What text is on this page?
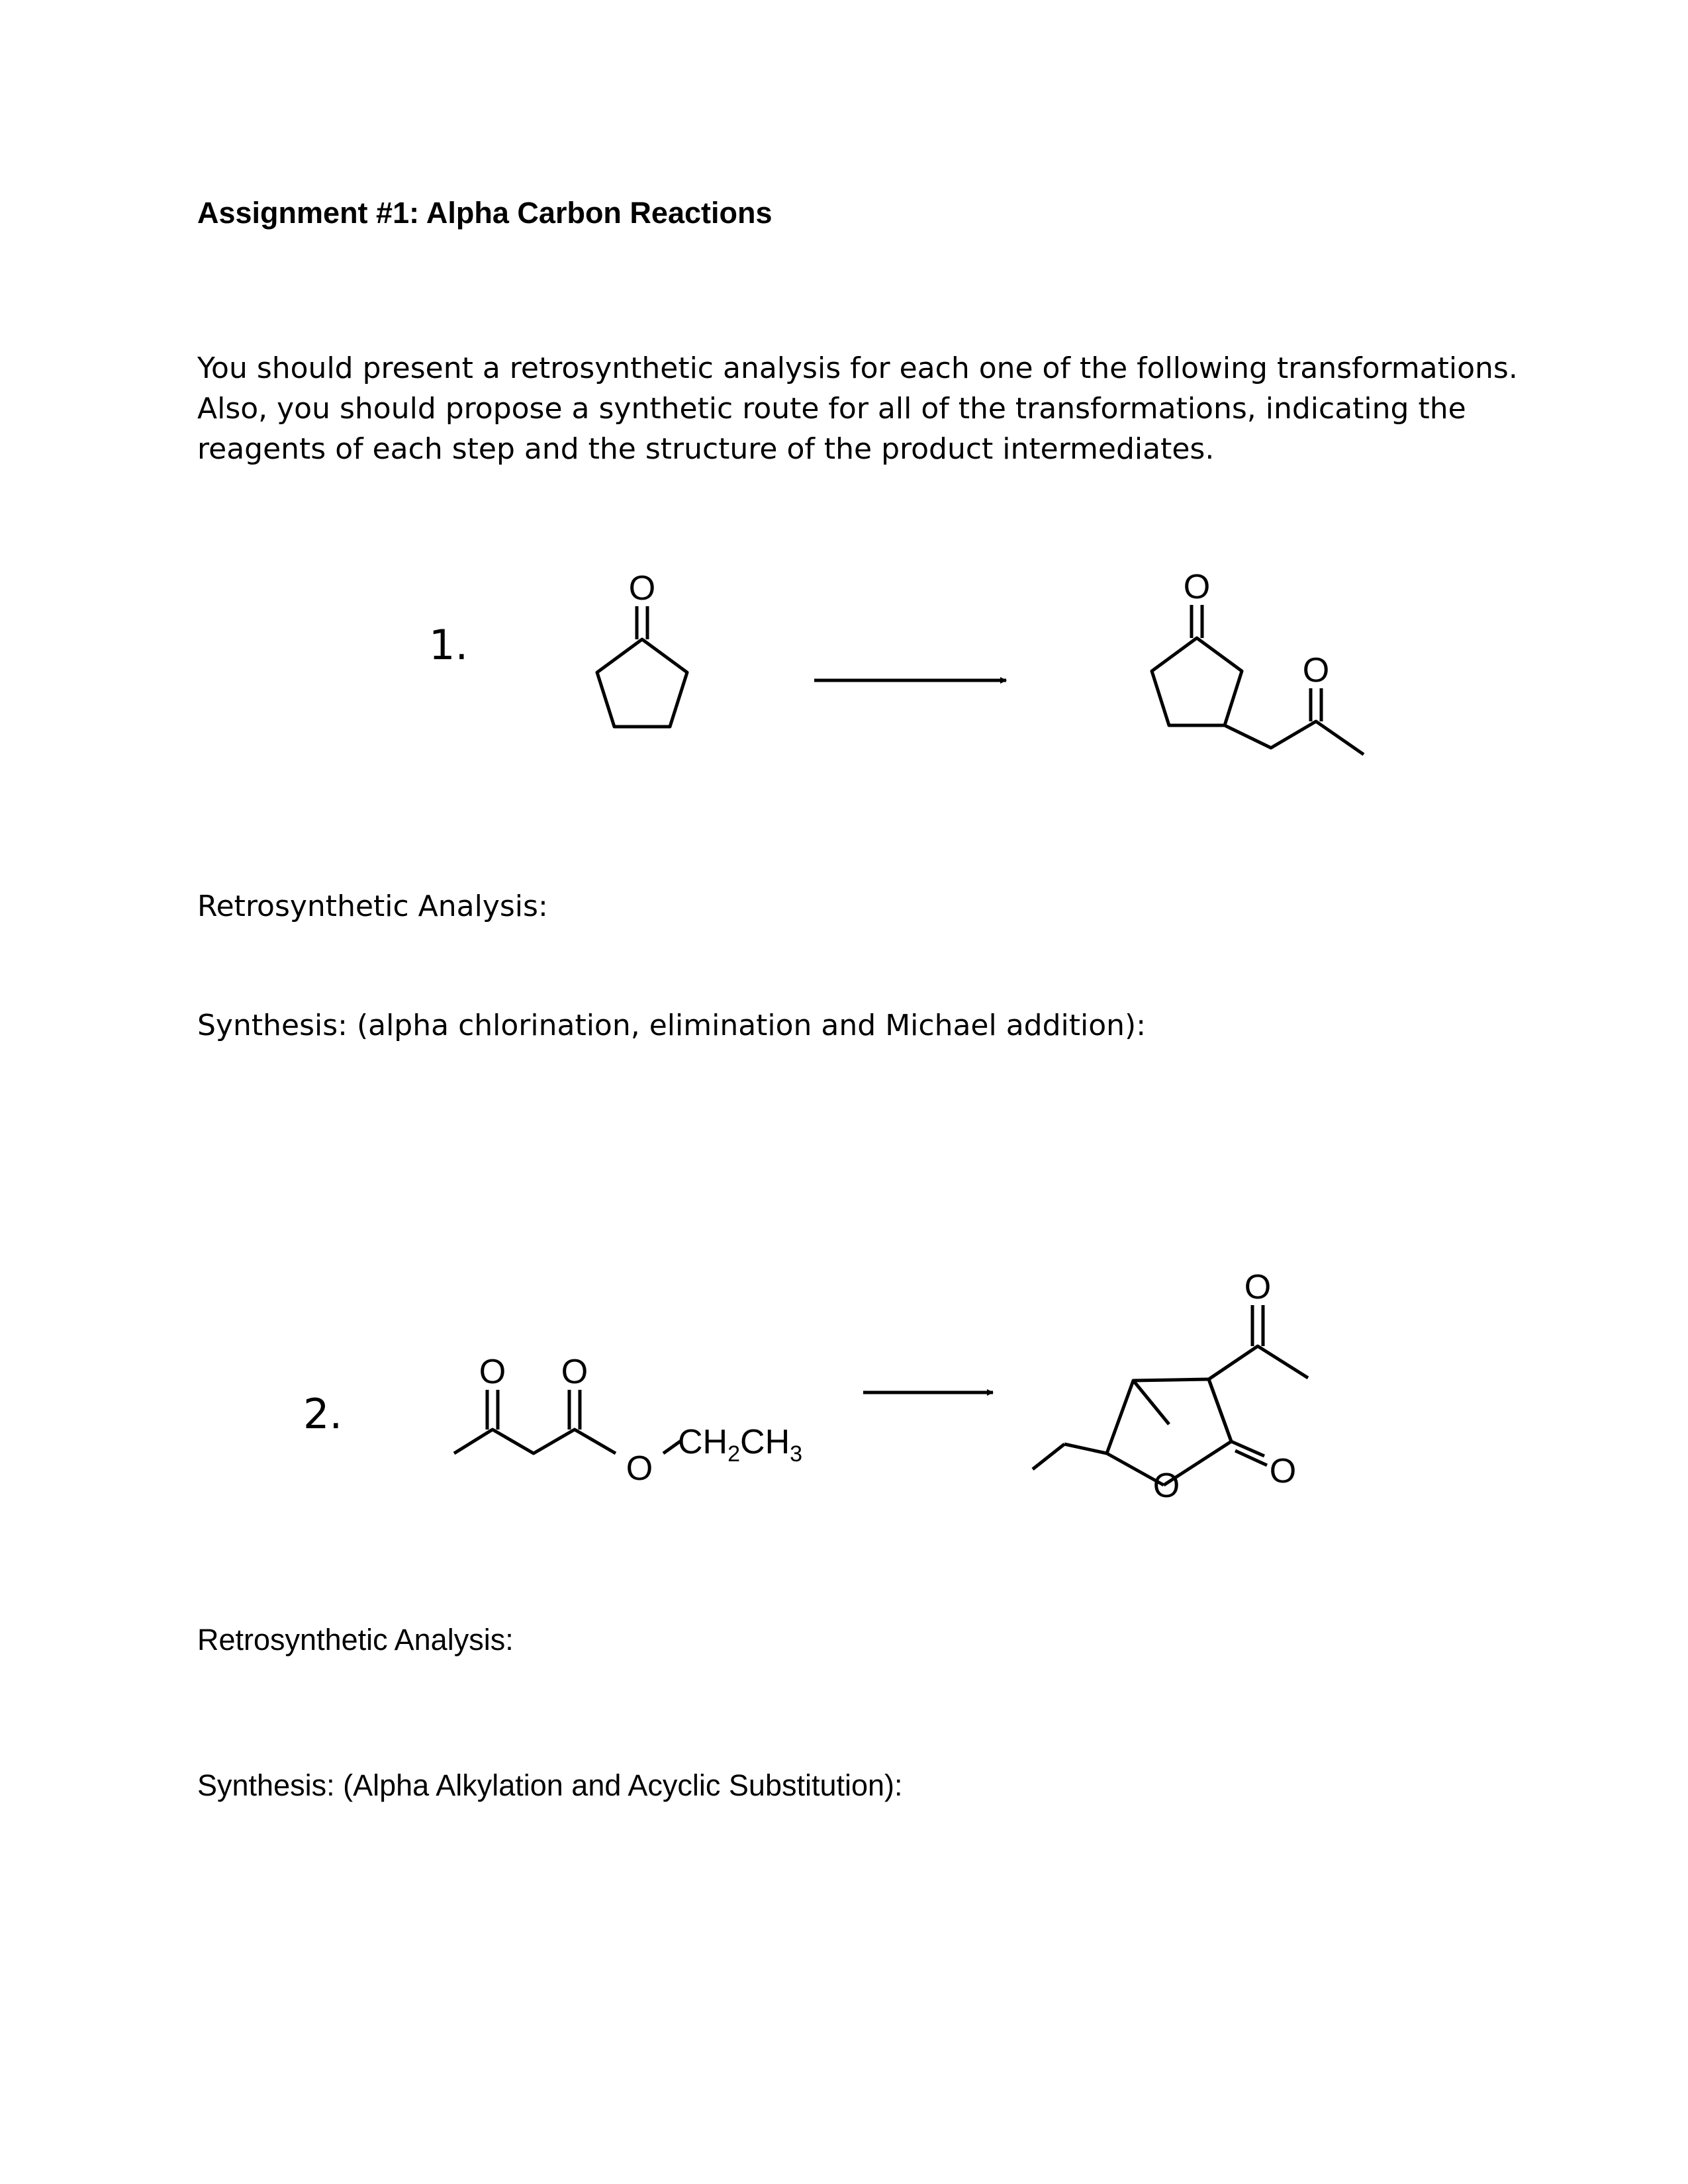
Assignment #1: Alpha Carbon Reactions
You should present a retrosynthetic analysis for each one of the following transformations.
Also, you should propose a synthetic route for all of the transformations, indicating the
reagents of each step and the structure of the product intermediates.
1.
Retrosynthetic Analysis:
Synthesis: (alpha chlorination, elimination and Michael addition):
2.
Retrosynthetic Analysis:
Synthesis: (Alpha Alkylation and Acyclic Substitution):
O	O
O
O O
O
$CH_2CH_3$
O
O	O
